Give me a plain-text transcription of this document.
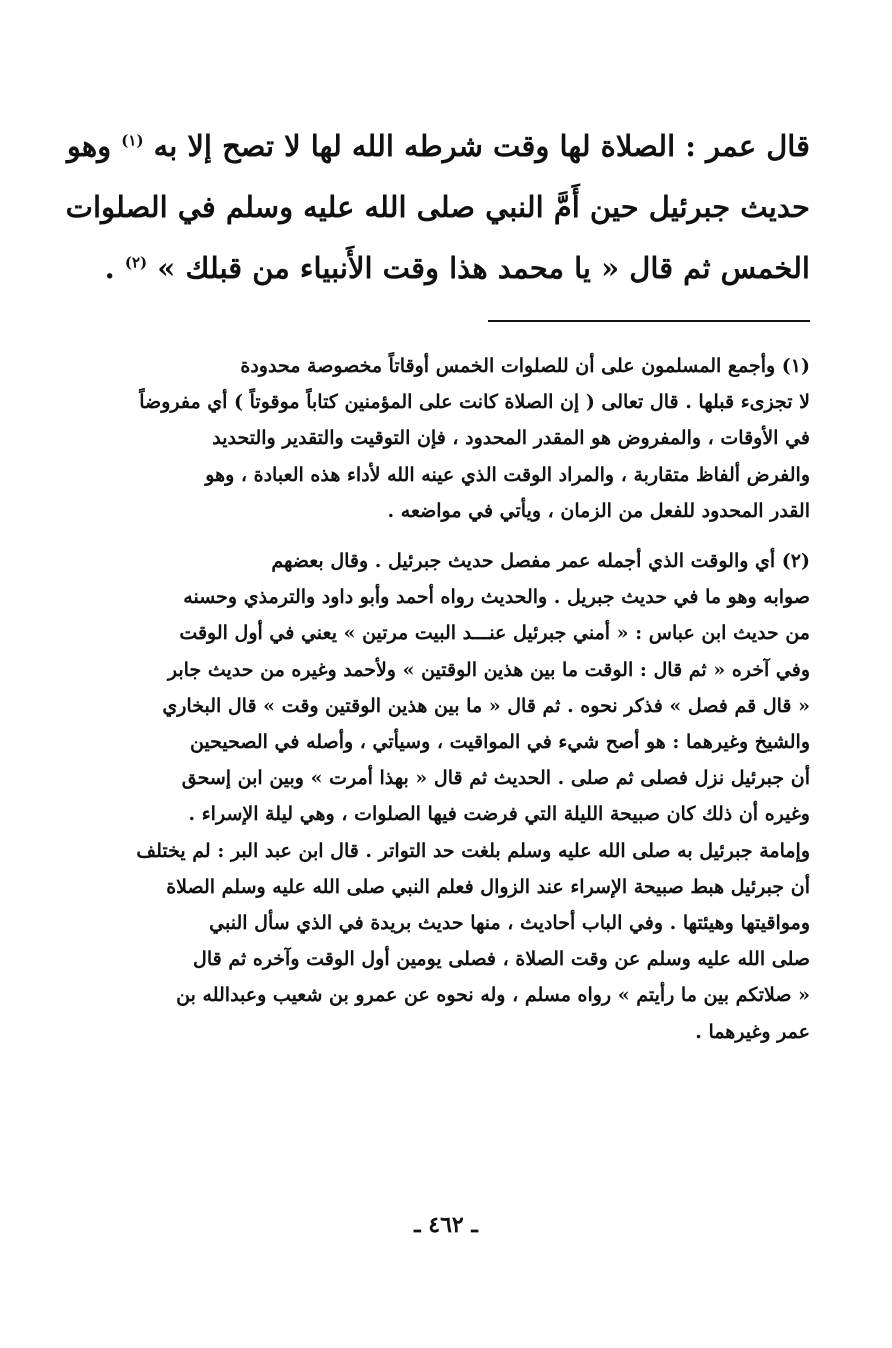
قال عمر : الصلاة لها وقت شرطه الله لها لا تصح إلا به $^{(١)}$ وهو
حديث جبرئيل حين أَمَّ النبي صلى الله عليه وسلم في الصلوات
الخمس ثم قال « يا محمد هذا وقت الأَنبياء من قبلك » $^{(٢)}$ .
(١) وأجمع المسلمون على أن للصلوات الخمس أوقاتاً مخصوصة محدودة
لا تجزىء قبلها . قال تعالى ( إن الصلاة كانت على المؤمنين كتاباً موقوتاً ) أي مفروضاً
في الأوقات ، والمفروض هو المقدر المحدود ، فإن التوقيت والتقدير والتحديد
والفرض ألفاظ متقاربة ، والمراد الوقت الذي عينه الله لأداء هذه العبادة ، وهو
القدر المحدود للفعل من الزمان ، ويأتي في مواضعه .
(٢) أي والوقت الذي أجمله عمر مفصل حديث جبرئيل . وقال بعضهم
صوابه وهو ما في حديث جبريل . والحديث رواه أحمد وأبو داود والترمذي وحسنه
من حديث ابن عباس : « أمني جبرئيل عنـــد البيت مرتين » يعني في أول الوقت
وفي آخره « ثم قال : الوقت ما بين هذين الوقتين » ولأحمد وغيره من حديث جابر
« قال قم فصل » فذكر نحوه . ثم قال « ما بين هذين الوقتين وقت » قال البخاري
والشيخ وغيرهما : هو أصح شيء في المواقيت ، وسيأتي ، وأصله في الصحيحين
أن جبرئيل نزل فصلى ثم صلى . الحديث ثم قال « بهذا أمرت » وبين ابن إسحق
وغيره أن ذلك كان صبيحة الليلة التي فرضت فيها الصلوات ، وهي ليلة الإسراء .
وإمامة جبرئيل به صلى الله عليه وسلم بلغت حد التواتر . قال ابن عبد البر : لم يختلف
أن جبرئيل هبط صبيحة الإسراء عند الزوال فعلم النبي صلى الله عليه وسلم الصلاة
ومواقيتها وهيئتها . وفي الباب أحاديث ، منها حديث بريدة في الذي سأل النبي
صلى الله عليه وسلم عن وقت الصلاة ، فصلى يومين أول الوقت وآخره ثم قال
« صلاتكم بين ما رأيتم » رواه مسلم ، وله نحوه عن عمرو بن شعيب وعبدالله بن
عمر وغيرهما .

ـ ٤٦٢ ـ
